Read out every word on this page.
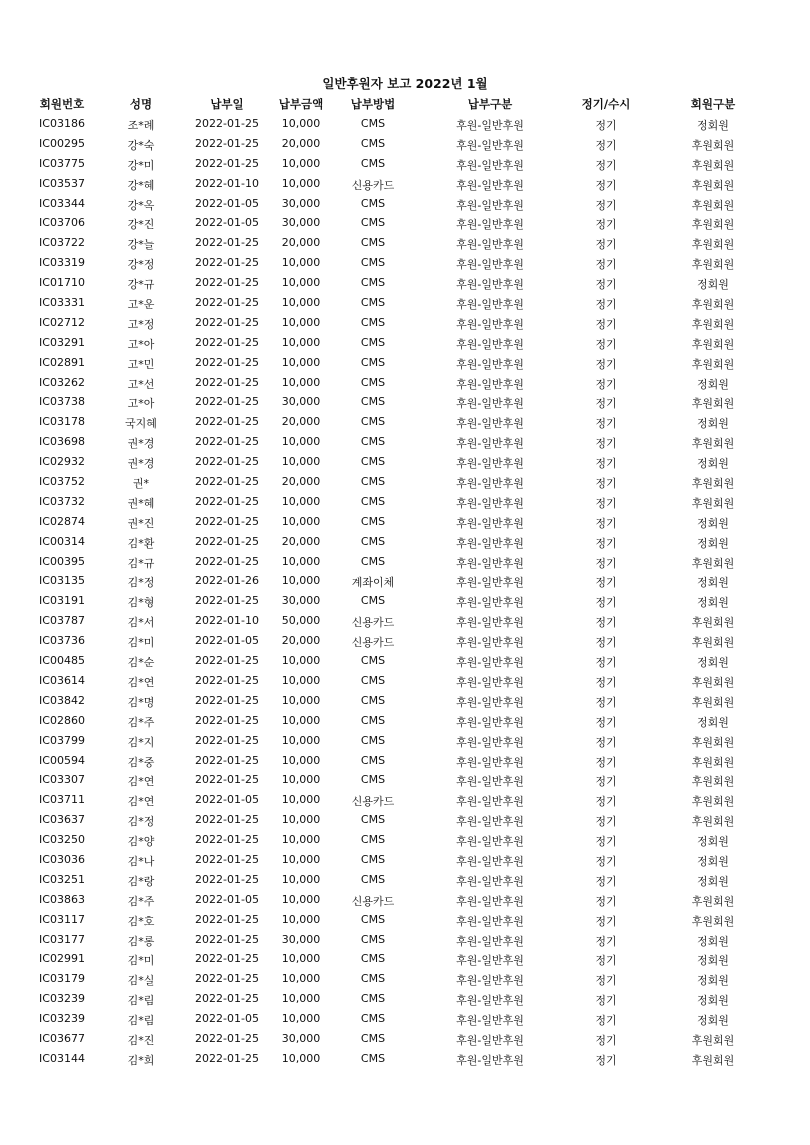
일반후원자 보고 2022년 1월
회원번호	성명	납부일	납부금액	납부방법	납부구분	정기/수시	회원구분
IC03186	조*례	2022-01-25	10,000	CMS	후원-일반후원	정기	정회원
IC00295	강*숙	2022-01-25	20,000	CMS	후원-일반후원	정기	후원회원
IC03775	강*미	2022-01-25	10,000	CMS	후원-일반후원	정기	후원회원
IC03537	강*혜	2022-01-10	10,000	신용카드	후원-일반후원	정기	후원회원
IC03344	강*옥	2022-01-05	30,000	CMS	후원-일반후원	정기	후원회원
IC03706	강*진	2022-01-05	30,000	CMS	후원-일반후원	정기	후원회원
IC03722	강*늘	2022-01-25	20,000	CMS	후원-일반후원	정기	후원회원
IC03319	강*정	2022-01-25	10,000	CMS	후원-일반후원	정기	후원회원
IC01710	강*규	2022-01-25	10,000	CMS	후원-일반후원	정기	정회원
IC03331	고*운	2022-01-25	10,000	CMS	후원-일반후원	정기	후원회원
IC02712	고*정	2022-01-25	10,000	CMS	후원-일반후원	정기	후원회원
IC03291	고*아	2022-01-25	10,000	CMS	후원-일반후원	정기	후원회원
IC02891	고*민	2022-01-25	10,000	CMS	후원-일반후원	정기	후원회원
IC03262	고*선	2022-01-25	10,000	CMS	후원-일반후원	정기	정회원
IC03738	고*아	2022-01-25	30,000	CMS	후원-일반후원	정기	후원회원
IC03178	국지혜	2022-01-25	20,000	CMS	후원-일반후원	정기	정회원
IC03698	권*경	2022-01-25	10,000	CMS	후원-일반후원	정기	후원회원
IC02932	권*경	2022-01-25	10,000	CMS	후원-일반후원	정기	정회원
IC03752	권*	2022-01-25	20,000	CMS	후원-일반후원	정기	후원회원
IC03732	권*혜	2022-01-25	10,000	CMS	후원-일반후원	정기	후원회원
IC02874	권*진	2022-01-25	10,000	CMS	후원-일반후원	정기	정회원
IC00314	김*환	2022-01-25	20,000	CMS	후원-일반후원	정기	정회원
IC00395	김*규	2022-01-25	10,000	CMS	후원-일반후원	정기	후원회원
IC03135	김*정	2022-01-26	10,000	계좌이체	후원-일반후원	정기	정회원
IC03191	김*형	2022-01-25	30,000	CMS	후원-일반후원	정기	정회원
IC03787	김*서	2022-01-10	50,000	신용카드	후원-일반후원	정기	후원회원
IC03736	김*미	2022-01-05	20,000	신용카드	후원-일반후원	정기	후원회원
IC00485	김*순	2022-01-25	10,000	CMS	후원-일반후원	정기	정회원
IC03614	김*연	2022-01-25	10,000	CMS	후원-일반후원	정기	후원회원
IC03842	김*명	2022-01-25	10,000	CMS	후원-일반후원	정기	후원회원
IC02860	김*주	2022-01-25	10,000	CMS	후원-일반후원	정기	정회원
IC03799	김*지	2022-01-25	10,000	CMS	후원-일반후원	정기	후원회원
IC00594	김*중	2022-01-25	10,000	CMS	후원-일반후원	정기	후원회원
IC03307	김*연	2022-01-25	10,000	CMS	후원-일반후원	정기	후원회원
IC03711	김*연	2022-01-05	10,000	신용카드	후원-일반후원	정기	후원회원
IC03637	김*정	2022-01-25	10,000	CMS	후원-일반후원	정기	후원회원
IC03250	김*양	2022-01-25	10,000	CMS	후원-일반후원	정기	정회원
IC03036	김*나	2022-01-25	10,000	CMS	후원-일반후원	정기	정회원
IC03251	김*랑	2022-01-25	10,000	CMS	후원-일반후원	정기	정회원
IC03863	김*주	2022-01-05	10,000	신용카드	후원-일반후원	정기	후원회원
IC03117	김*호	2022-01-25	10,000	CMS	후원-일반후원	정기	후원회원
IC03177	김*롱	2022-01-25	30,000	CMS	후원-일반후원	정기	정회원
IC02991	김*미	2022-01-25	10,000	CMS	후원-일반후원	정기	정회원
IC03179	김*실	2022-01-25	10,000	CMS	후원-일반후원	정기	정회원
IC03239	김*림	2022-01-25	10,000	CMS	후원-일반후원	정기	정회원
IC03239	김*림	2022-01-05	10,000	CMS	후원-일반후원	정기	정회원
IC03677	김*진	2022-01-25	30,000	CMS	후원-일반후원	정기	후원회원
IC03144	김*희	2022-01-25	10,000	CMS	후원-일반후원	정기	후원회원
